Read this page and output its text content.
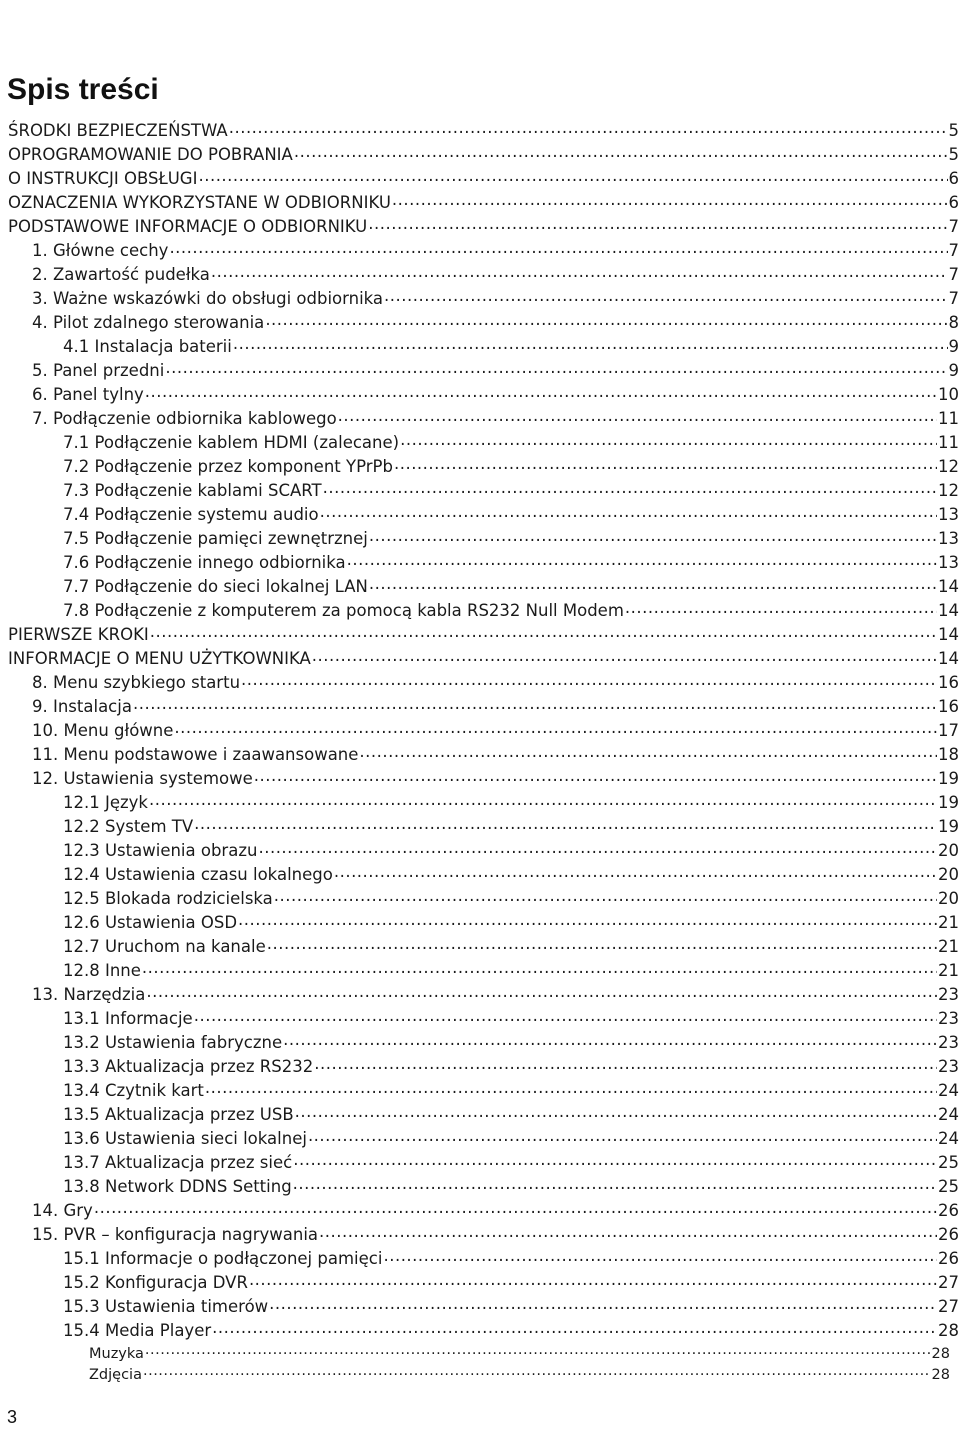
Spis treści
ŚRODKI BEZPIECZEŃSTWA .....	5
OPROGRAMOWANIE DO POBRANIA .....	5
O INSTRUKCJI OBSŁUGI .....	6
OZNACZENIA WYKORZYSTANE W ODBIORNIKU .....	6
PODSTAWOWE INFORMACJE O ODBIORNIKU .....	7
1. Główne cechy .....	7
2. Zawartość pudełka .....	7
3. Ważne wskazówki do obsługi odbiornika .....	7
4. Pilot zdalnego sterowania .....	8
4.1 Instalacja baterii .....	9
5. Panel przedni .....	9
6. Panel tylny .....	10
7. Podłączenie odbiornika kablowego .....	11
7.1 Podłączenie kablem HDMI (zalecane) .....	11
7.2 Podłączenie przez komponent YPrPb .....	12
7.3 Podłączenie kablami SCART .....	12
7.4 Podłączenie systemu audio .....	13
7.5 Podłączenie pamięci zewnętrznej .....	13
7.6 Podłączenie innego odbiornika .....	13
7.7 Podłączenie do sieci lokalnej LAN .....	14
7.8 Podłączenie z komputerem za pomocą kabla RS232 Null Modem .....	14
PIERWSZE KROKI .....	14
INFORMACJE O MENU UŻYTKOWNIKA .....	14
8. Menu szybkiego startu .....	16
9. Instalacja .....	16
10. Menu główne .....	17
11. Menu podstawowe i zaawansowane .....	18
12. Ustawienia systemowe .....	19
12.1 Język .....	19
12.2 System TV .....	19
12.3 Ustawienia obrazu .....	20
12.4 Ustawienia czasu lokalnego .....	20
12.5 Blokada rodzicielska .....	20
12.6 Ustawienia OSD .....	21
12.7 Uruchom na kanale .....	21
12.8 Inne .....	21
13. Narzędzia .....	23
13.1 Informacje .....	23
13.2 Ustawienia fabryczne .....	23
13.3 Aktualizacja przez RS232 .....	23
13.4 Czytnik kart .....	24
13.5 Aktualizacja przez USB .....	24
13.6 Ustawienia sieci lokalnej .....	24
13.7 Aktualizacja przez sieć .....	25
13.8 Network DDNS Setting .....	25
14. Gry .....	26
15. PVR – konfiguracja nagrywania .....	26
15.1 Informacje o podłączonej pamięci .....	26
15.2 Konfiguracja DVR .....	27
15.3 Ustawienia timerów .....	27
15.4 Media Player .....	28
Muzyka .....	28
Zdjęcia .....	28
3
